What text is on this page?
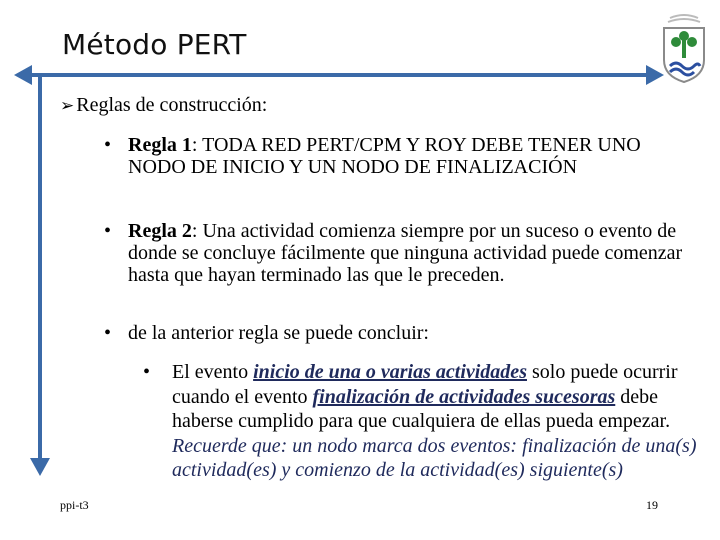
Método PERT
➢ Reglas de construcción:
• Regla 1: TODA RED PERT/CPM Y ROY DEBE TENER UNO NODO DE INICIO Y UN NODO DE FINALIZACIÓN
• Regla 2: Una actividad comienza siempre por un suceso o evento de donde se concluye fácilmente que ninguna actividad puede comenzar hasta que hayan terminado las que le preceden.
• de la anterior regla se puede concluir:
• El evento inicio de una o varias actividades solo puede ocurrir cuando el evento finalización de actividades sucesoras debe haberse cumplido para que cualquiera de ellas pueda empezar. Recuerde que: un nodo marca dos eventos: finalización de una(s) actividad(es) y comienzo de la actividad(es) siguiente(s)
ppi-t3	19
